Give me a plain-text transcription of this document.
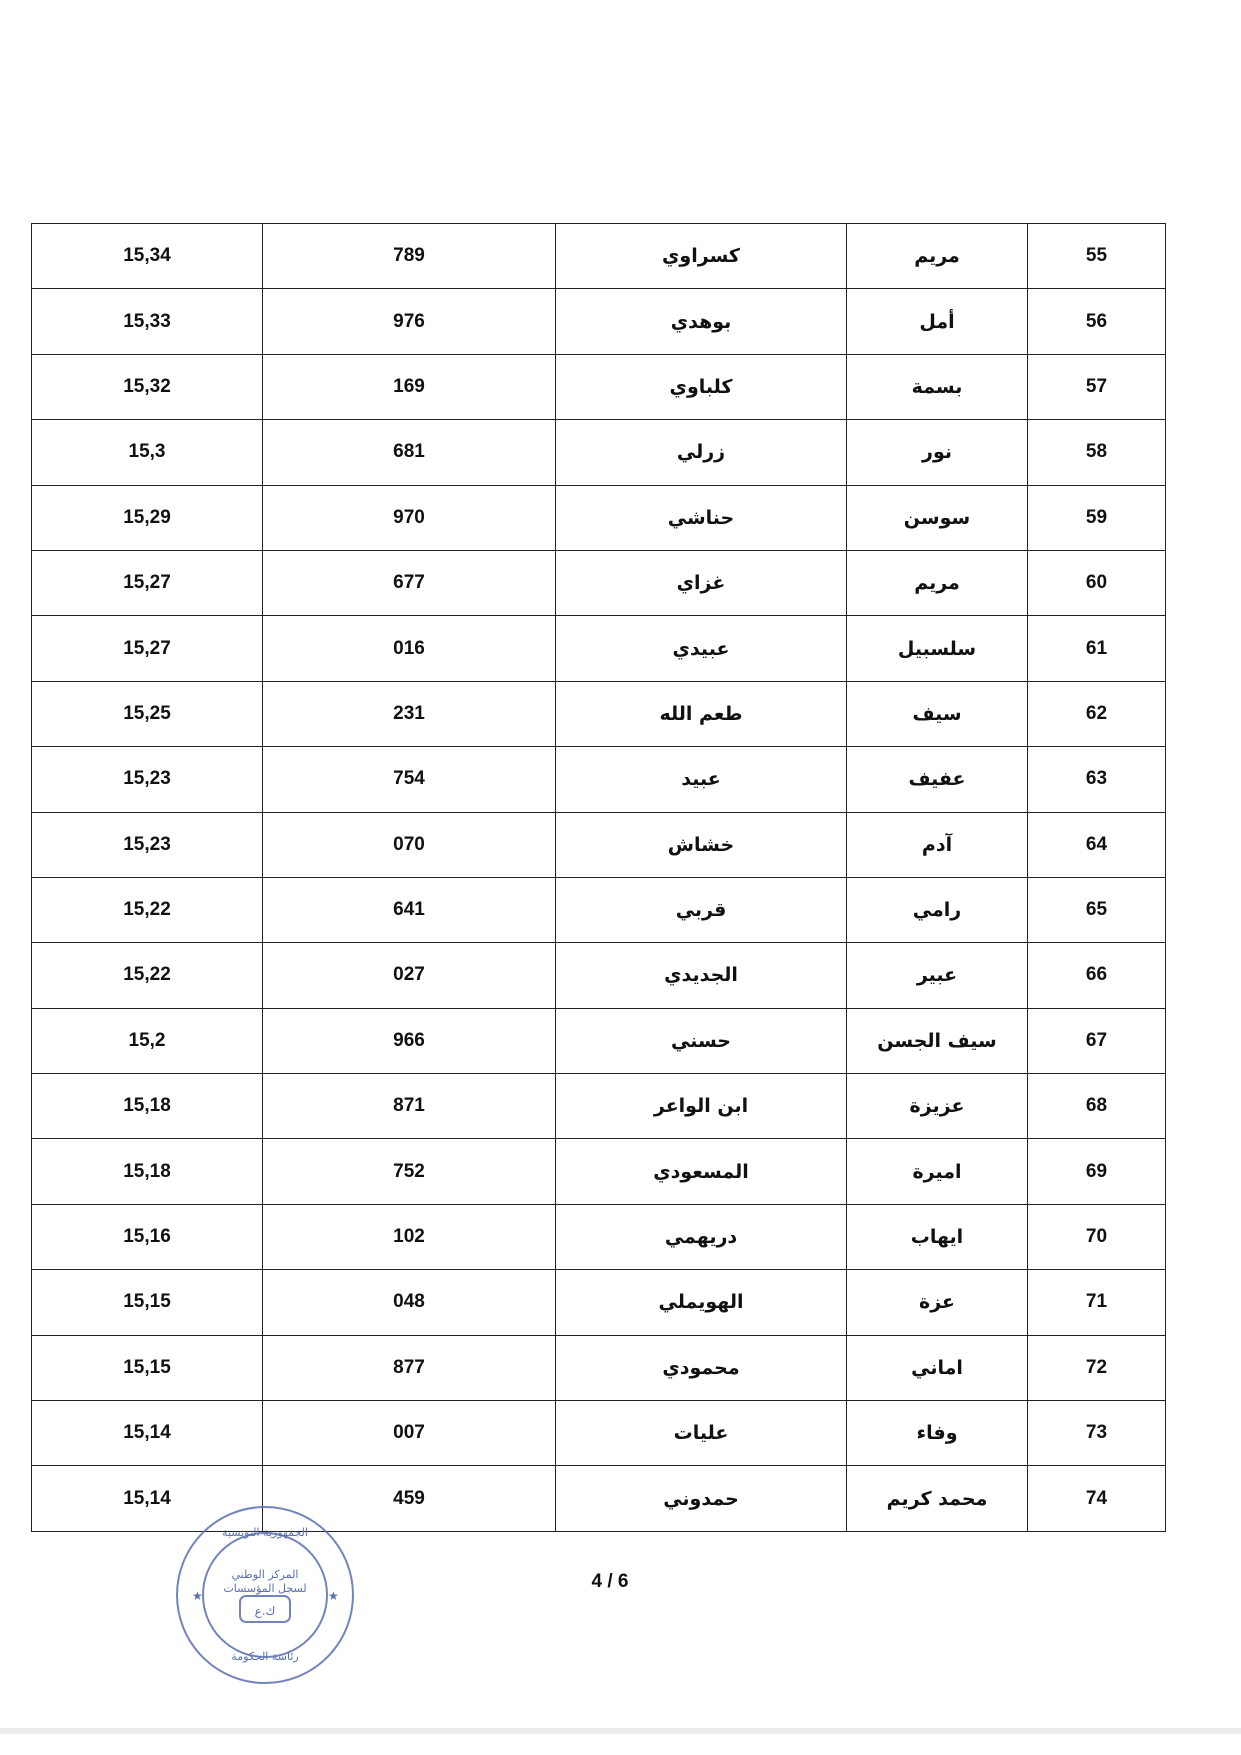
55	مريم	كسراوي	789	15,34
56	أمل	بوهدي	976	15,33
57	بسمة	كلباوي	169	15,32
58	نور	زرلي	681	15,3
59	سوسن	حناشي	970	15,29
60	مريم	غزاي	677	15,27
61	سلسبيل	عبيدي	016	15,27
62	سيف	طعم الله	231	15,25
63	عفيف	عبيد	754	15,23
64	آدم	خشاش	070	15,23
65	رامي	قربي	641	15,22
66	عبير	الجديدي	027	15,22
67	سيف الجسن	حسني	966	15,2
68	عزيزة	ابن الواعر	871	15,18
69	اميرة	المسعودي	752	15,18
70	ايهاب	دريهمي	102	15,16
71	عزة	الهويملي	048	15,15
72	اماني	محمودي	877	15,15
73	وفاء	عليات	007	15,14
74	محمد كريم	حمدوني	459	15,14
4 / 6
★	★
الجمهورية التونسية
المركز الوطني
لسجل المؤسسات
ك.ع
رئاسة الحكومة
